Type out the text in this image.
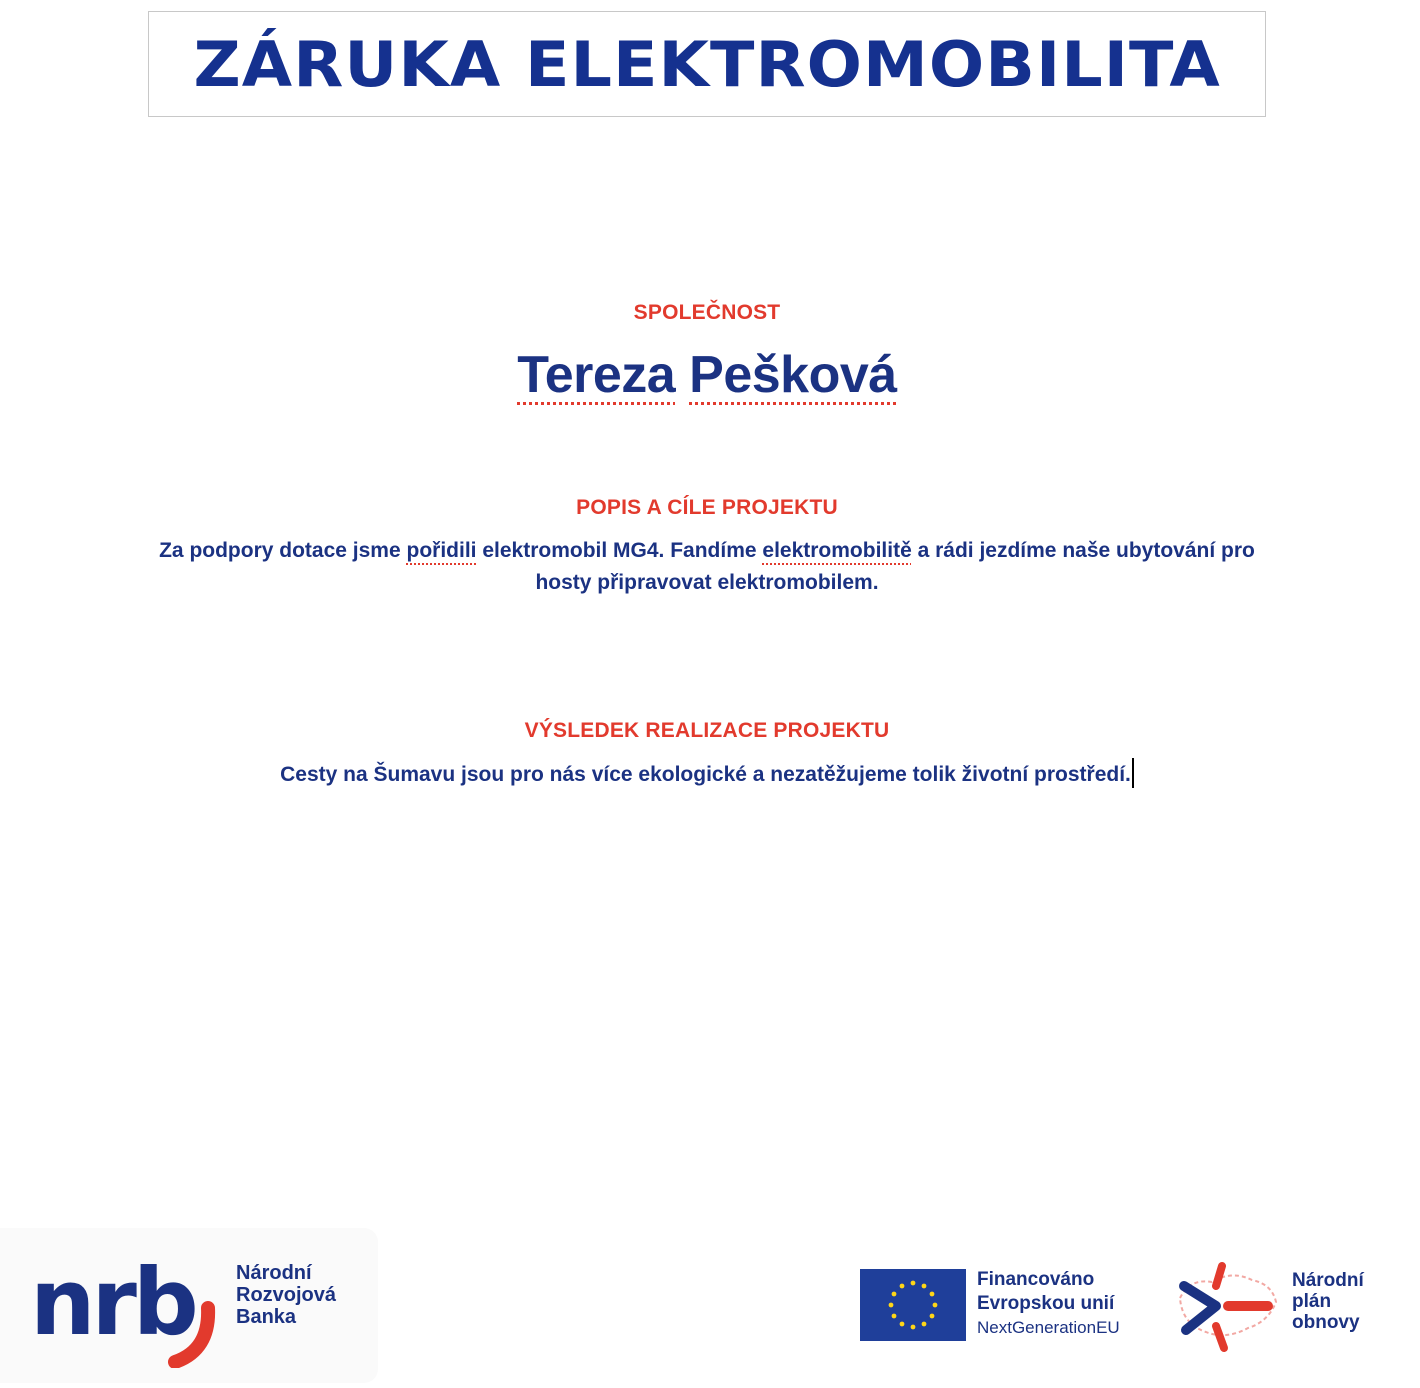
ZÁRUKA ELEKTROMOBILITA
SPOLEČNOST
Tereza Pešková
POPIS A CÍLE PROJEKTU
Za podpory dotace jsme pořidili elektromobil MG4. Fandíme elektromobilitě a rádi jezdíme naše ubytování pro hosty připravovat elektromobilem.
VÝSLEDEK REALIZACE PROJEKTU
Cesty na Šumavu jsou pro nás více ekologické a nezatěžujeme tolik životní prostředí.
nrb Národní
Rozvojová
Banka
Financováno
Evropskou unií
NextGenerationEU
Národní
plán
obnovy
